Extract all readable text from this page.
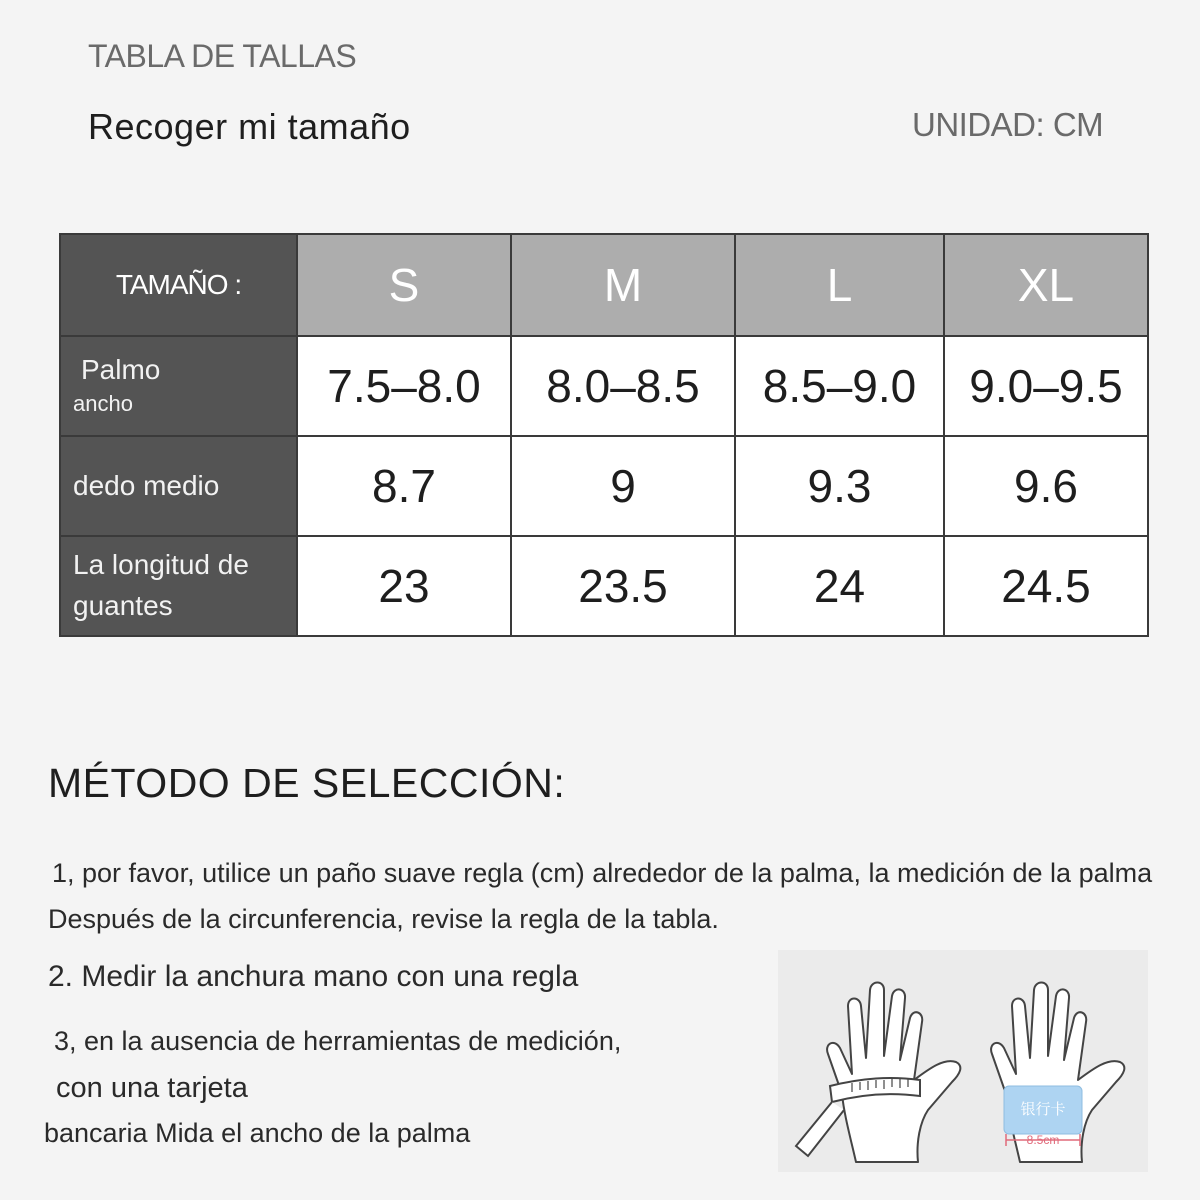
TABLA DE TALLAS
Recoger mi tamaño	UNIDAD: CM
TAMAÑO :	S	M	L	XL

Palmo
ancho	7.5–8.0	8.0–8.5	8.5–9.0	9.0–9.5
dedo medio	8.7	9	9.3	9.6

La longitud de
guantes	23	23.5	24	24.5
MÉTODO DE SELECCIÓN:
1, por favor, utilice un paño suave regla (cm) alrededor de la palma, la medición de la palma
Después de la circunferencia, revise la regla de la tabla.
2. Medir la anchura mano con una regla
3, en la ausencia de herramientas de medición,
con una tarjeta
bancaria Mida el ancho de la palma
银行卡
8.5cm
